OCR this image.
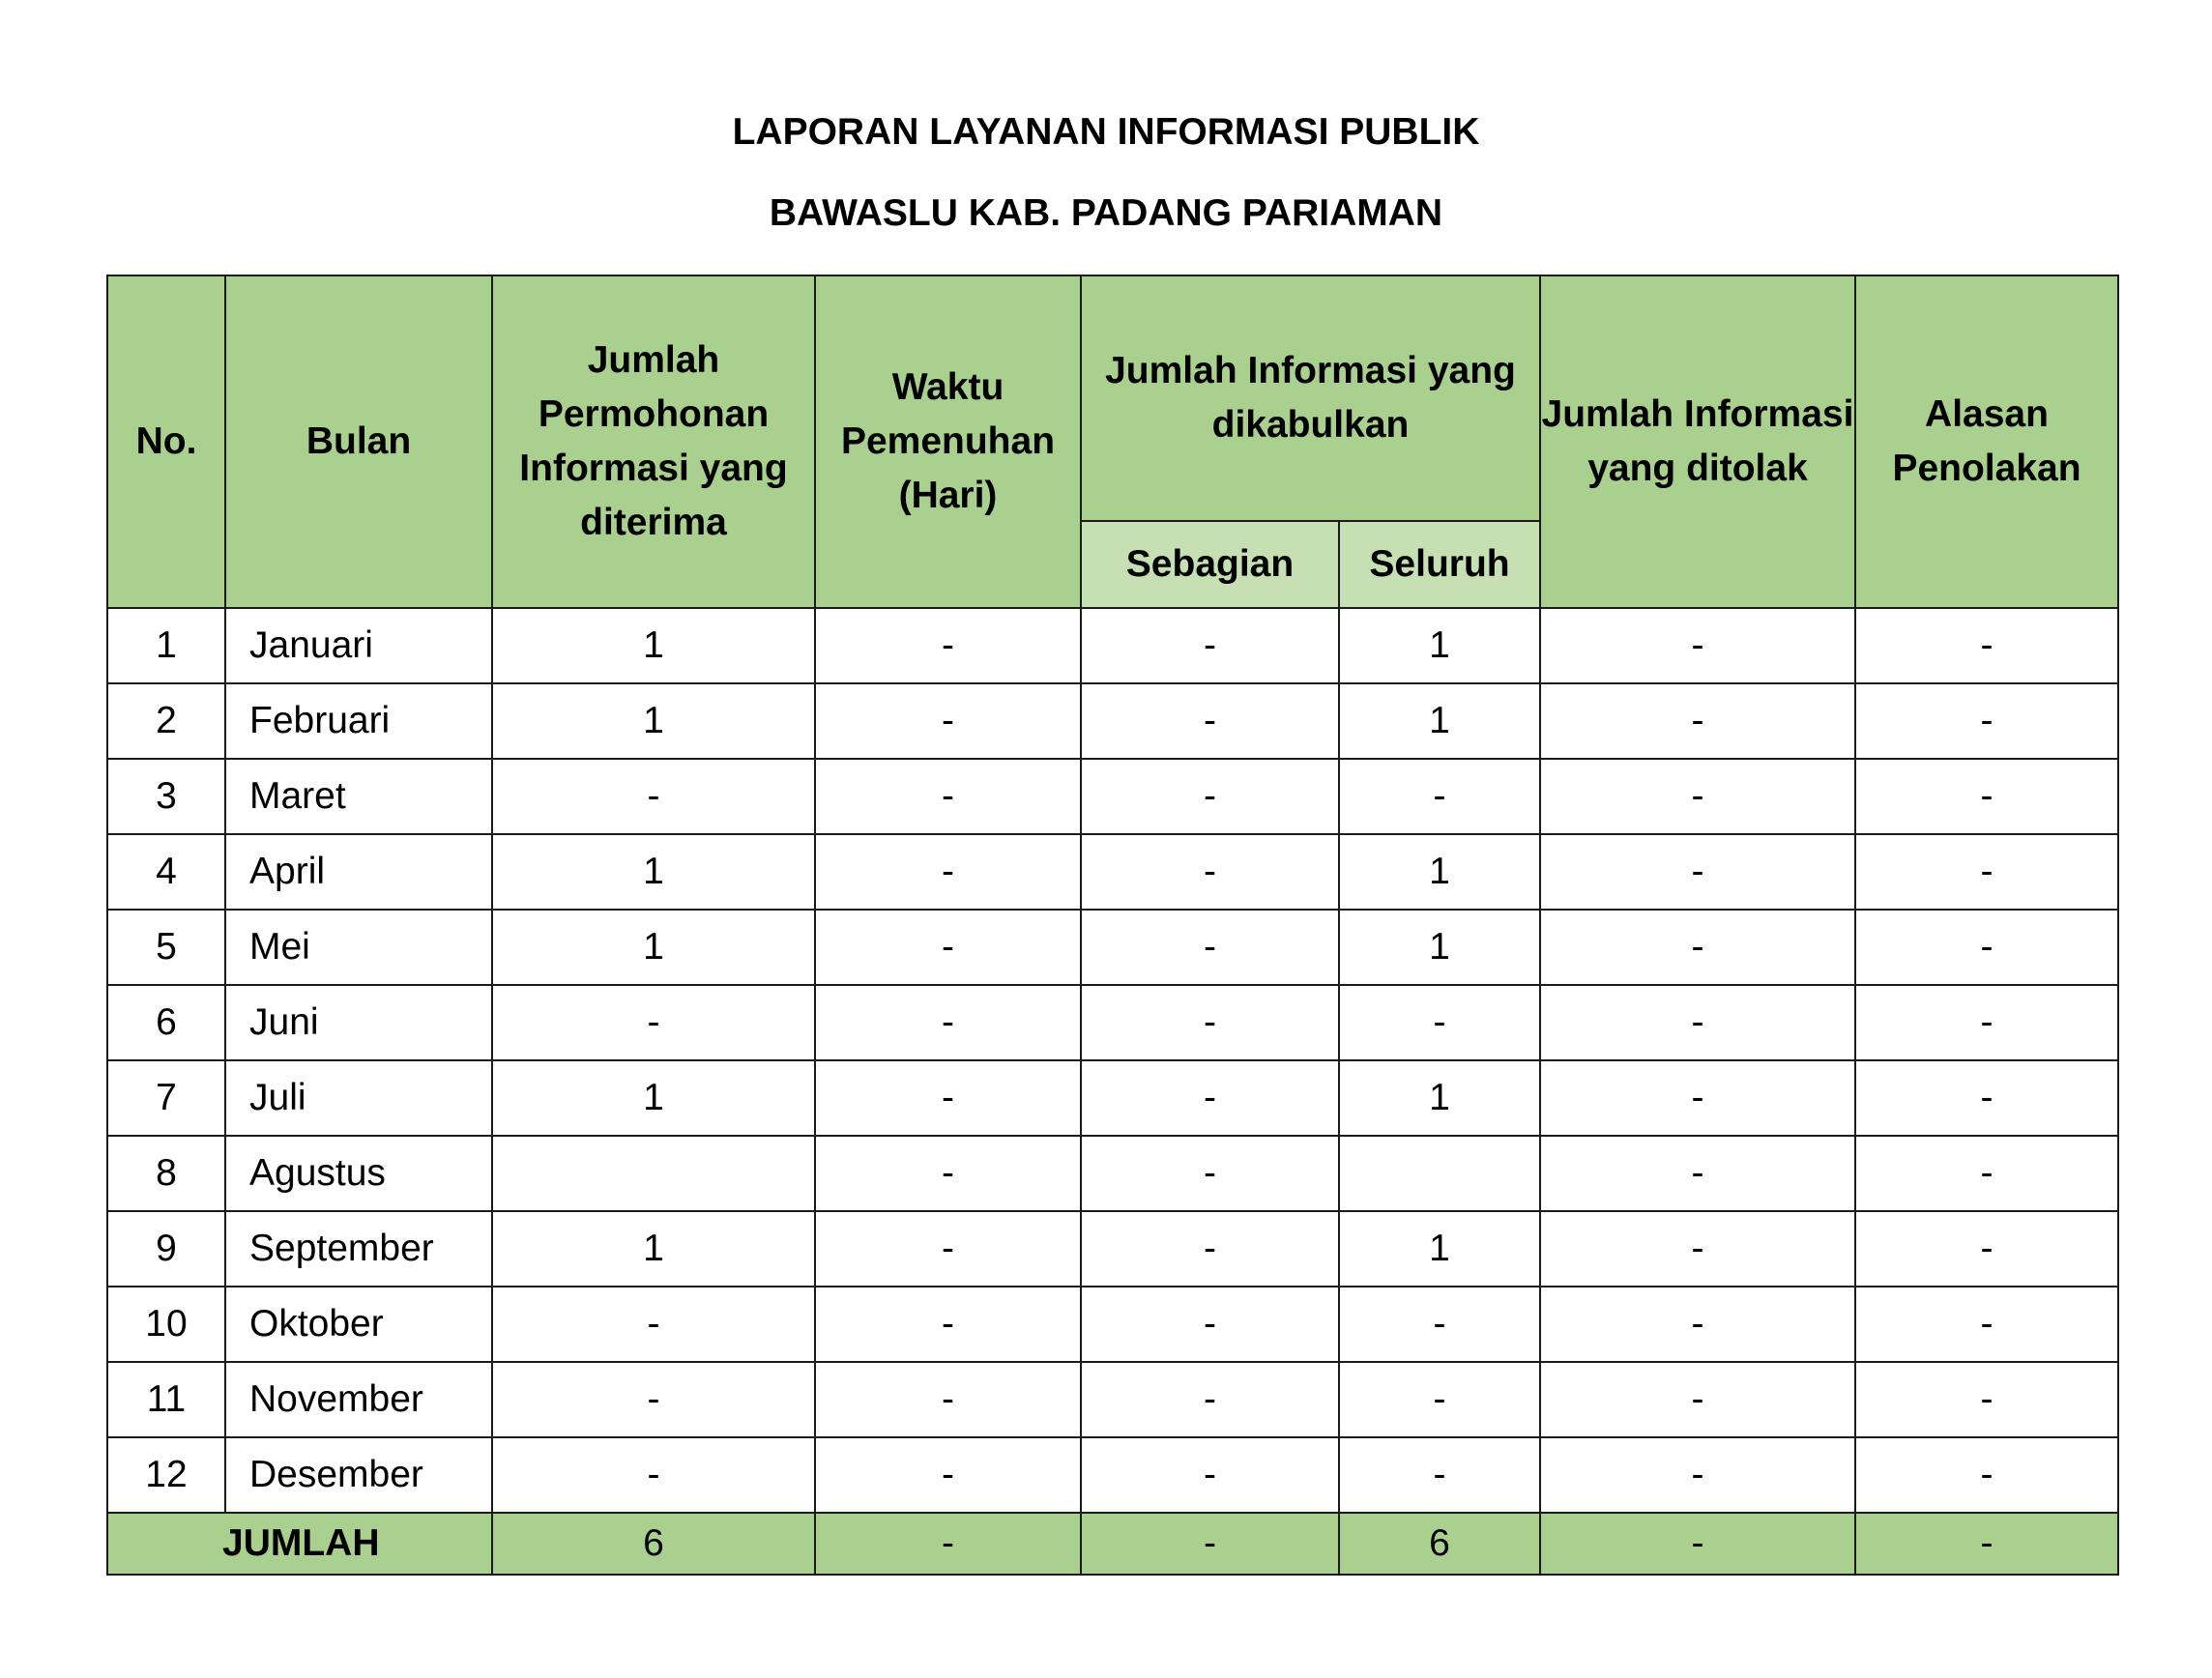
LAPORAN LAYANAN INFORMASI PUBLIK
BAWASLU KAB. PADANG PARIAMAN
No.	Bulan	Jumlah Permohonan Informasi yang diterima	Waktu Pemenuhan (Hari)	Jumlah Informasi yang dikabulkan		Jumlah Informasi yang ditolak	Alasan Penolakan
				Sebagian	Seluruh		
1	Januari	1	-	-	1	-	-
2	Februari	1	-	-	1	-	-
3	Maret	-	-	-	-	-	-
4	April	1	-	-	1	-	-
5	Mei	1	-	-	1	-	-
6	Juni	-	-	-	-	-	-
7	Juli	1	-	-	1	-	-
8	Agustus		-	-		-	-
9	September	1	-	-	1	-	-
10	Oktober	-	-	-	-	-	-
11	November	-	-	-	-	-	-
12	Desember	-	-	-	-	-	-
JUMLAH		6	-	-	6	-	-
